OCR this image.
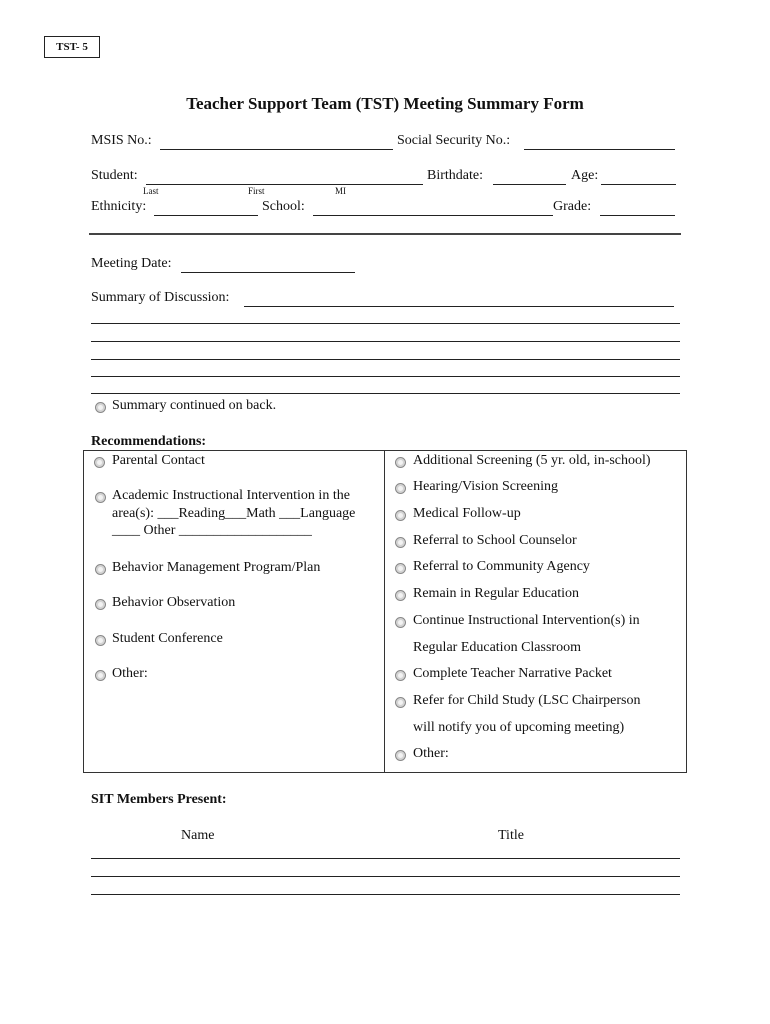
TST- 5
Teacher Support Team (TST) Meeting Summary Form
MSIS No.:	Social Security No.:
Student:	Birthdate:	Age:
Last	First	MI
Ethnicity:	School:	Grade:
Meeting Date:
Summary of Discussion:
Summary continued on back.
Recommendations:
Parental Contact
Academic Instructional Intervention in the
area(s): ___Reading___Math ___Language
____ Other ___________________
Behavior Management Program/Plan
Behavior Observation
Student Conference
Other:
Additional Screening (5 yr. old, in-school)
Hearing/Vision Screening
Medical Follow-up
Referral to School Counselor
Referral to Community Agency
Remain in Regular Education
Continue Instructional Intervention(s) in
Regular Education Classroom
Complete Teacher Narrative Packet
Refer for Child Study (LSC Chairperson
will notify you of upcoming meeting)
Other:
SIT Members Present:
Name	Title
